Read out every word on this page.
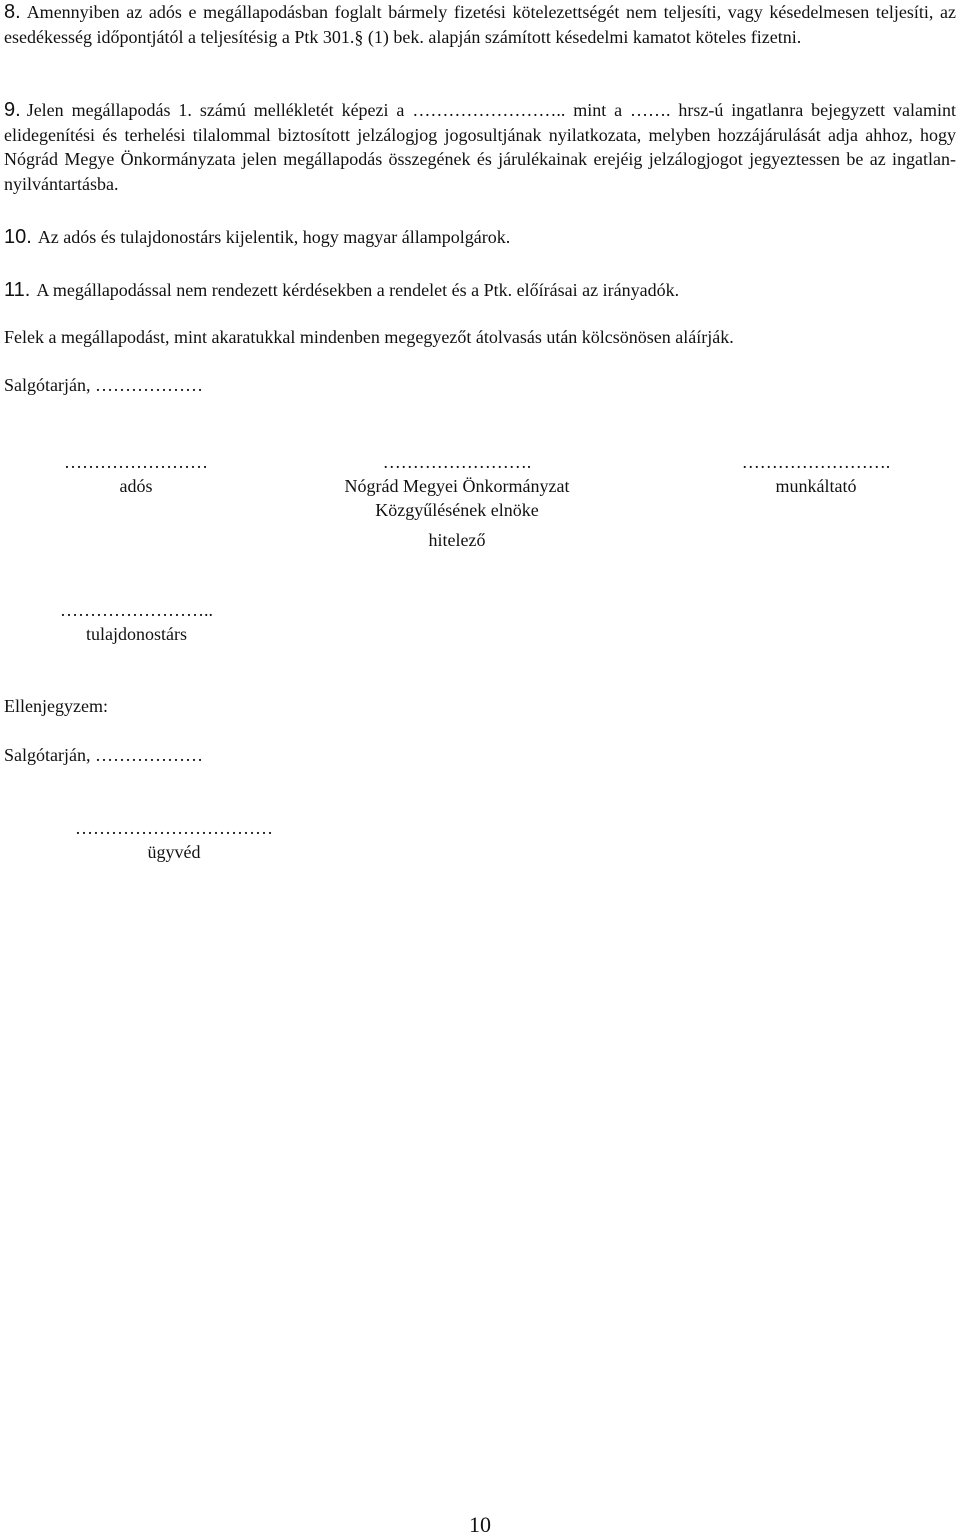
8. Amennyiben az adós e megállapodásban foglalt bármely fizetési kötelezettségét nem teljesíti, vagy késedelmesen teljesíti, az esedékesség időpontjától a teljesítésig a Ptk 301.§ (1) bek. alapján számított késedelmi kamatot köteles fizetni.
9. Jelen megállapodás 1. számú mellékletét képezi a …………………….. mint a ……. hrsz-ú ingatlanra bejegyzett valamint elidegenítési és terhelési tilalommal biztosított jelzálogjog jogosultjának nyilatkozata, melyben hozzájárulását adja ahhoz, hogy Nógrád Megye Önkormányzata jelen megállapodás összegének és járulékainak erejéig jelzálogjogot jegyeztessen be az ingatlan-nyilvántartásba.
10. Az adós és tulajdonostárs kijelentik, hogy magyar állampolgárok.
11. A megállapodással nem rendezett kérdésekben a rendelet és a Ptk. előírásai az irányadók.
Felek a megállapodást, mint akaratukkal mindenben megegyezőt átolvasás után kölcsönösen aláírják.
Salgótarján, ………………
……………………
adós
…………………….
Nógrád Megyei Önkormányzat
Közgyűlésének elnöke
hitelező
…………………….
munkáltató
……………………..
tulajdonostárs
Ellenjegyzem:
Salgótarján, ………………
……………………………
ügyvéd
10
